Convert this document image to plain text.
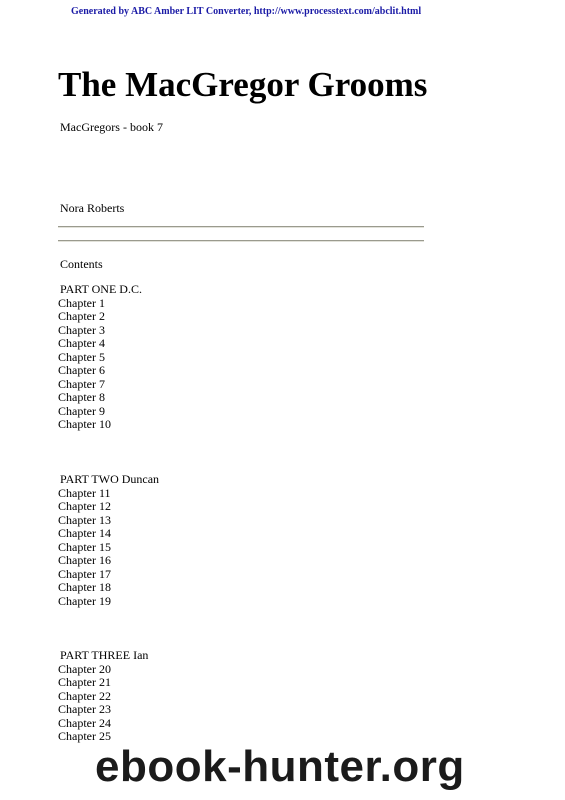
Generated by ABC Amber LIT Converter, http://www.processtext.com/abclit.html
The MacGregor Grooms
MacGregors - book 7
Nora Roberts
Contents
PART ONE D.C.
Chapter 1
Chapter 2
Chapter 3
Chapter 4
Chapter 5
Chapter 6
Chapter 7
Chapter 8
Chapter 9
Chapter 10
PART TWO Duncan
Chapter 11
Chapter 12
Chapter 13
Chapter 14
Chapter 15
Chapter 16
Chapter 17
Chapter 18
Chapter 19
PART THREE Ian
Chapter 20
Chapter 21
Chapter 22
Chapter 23
Chapter 24
Chapter 25
ebook-hunter.org
